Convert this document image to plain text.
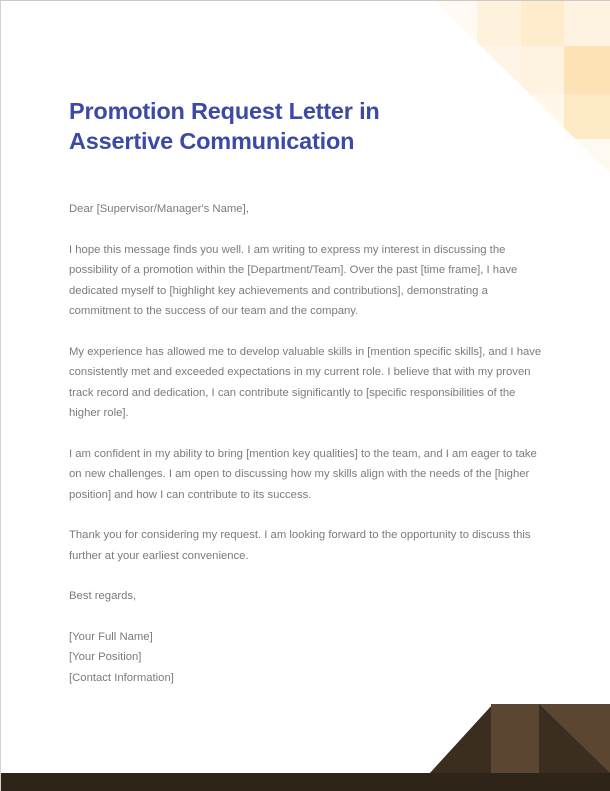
Promotion Request Letter in Assertive Communication

Dear [Supervisor/Manager's Name],

I hope this message finds you well. I am writing to express my interest in discussing the possibility of a promotion within the [Department/Team]. Over the past [time frame], I have dedicated myself to [highlight key achievements and contributions], demonstrating a commitment to the success of our team and the company.

My experience has allowed me to develop valuable skills in [mention specific skills], and I have consistently met and exceeded expectations in my current role. I believe that with my proven track record and dedication, I can contribute significantly to [specific responsibilities of the higher role].

I am confident in my ability to bring [mention key qualities] to the team, and I am eager to take on new challenges. I am open to discussing how my skills align with the needs of the [higher position] and how I can contribute to its success.

Thank you for considering my request. I am looking forward to the opportunity to discuss this further at your earliest convenience.

Best regards,

[Your Full Name]
[Your Position]
[Contact Information]
